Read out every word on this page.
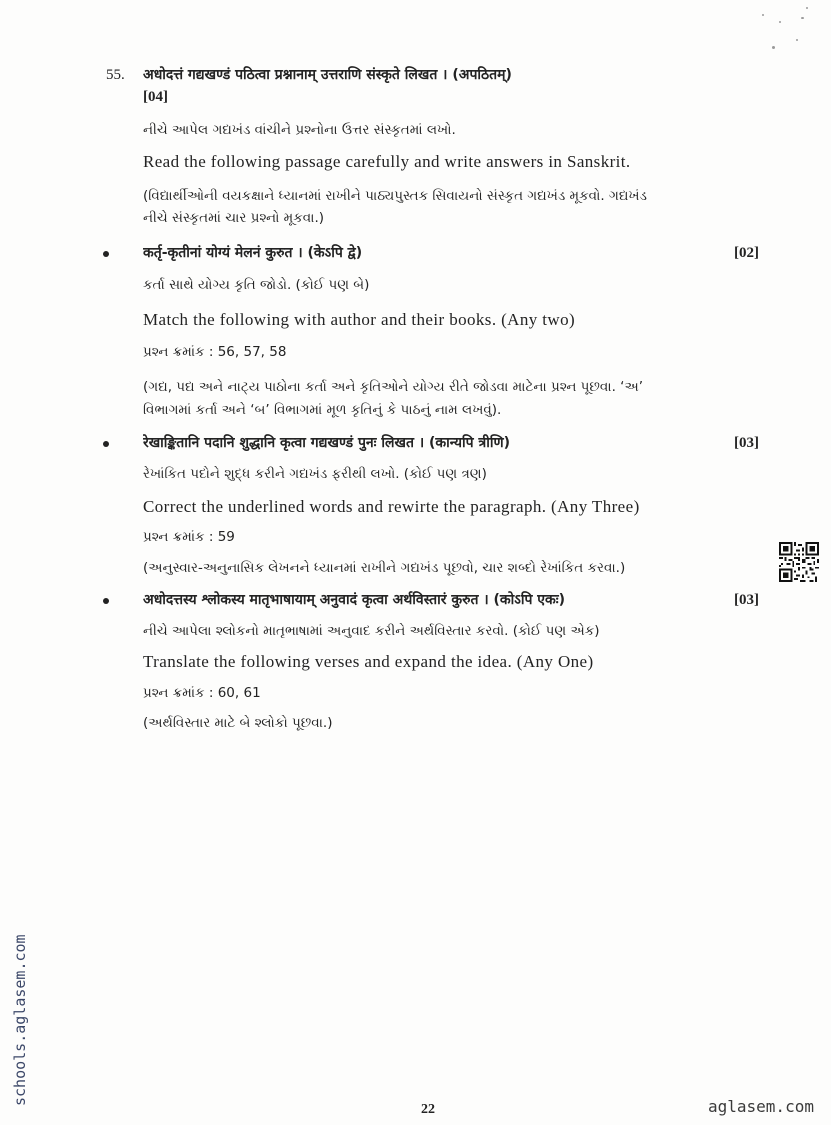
55.	अधोदत्तं गद्यखण्डं पठित्वा प्रश्नानाम् उत्तराणि संस्कृते लिखत । (अपठितम्)
[04]
નીચે આપેલ ગદ્યખંડ વાંચીને પ્રશ્નોના ઉત્તર સંસ્કૃતમાં લખો.
Read the following passage carefully and write answers in Sanskrit.
(વિદ્યાર્થીઓની વયકક્ષાને ધ્યાનમાં રાખીને પાઠ્યપુસ્તક સિવાયનો સંસ્કૃત ગદ્યખંડ મૂકવો. ગદ્યખંડ
નીચે સંસ્કૃતમાં ચાર પ્રશ્નો મૂકવા.)
कर्तृ-कृतीनां योग्यं मेलनं कुरुत । (केऽपि द्वे)	[02]
કર્તા સાથે યોગ્ય કૃતિ જોડો. (કોઈ પણ બે)
Match the following with author and their books. (Any two)
પ્રશ્ન ક્રમાંક : 56, 57, 58
(ગદ્ય, પદ્ય અને નાટ્ય પાઠોના કર્તા અને કૃતિઓને યોગ્ય રીતે જોડવા માટેના પ્રશ્ન પૂછવા. ‘અ’
વિભાગમાં કર્તા અને ‘બ’ વિભાગમાં મૂળ કૃતિનું કે પાઠનું નામ લખવું).
रेखाङ्कितानि पदानि शुद्धानि कृत्वा गद्यखण्डं पुनः लिखत । (कान्यपि त्रीणि)	[03]
રેખાંકિત પદોને શુદ્ધ કરીને ગદ્યખંડ ફરીથી લખો. (કોઈ પણ ત્રણ)
Correct the underlined words and rewirte the paragraph. (Any Three)
પ્રશ્ન ક્રમાંક : 59
(અનુસ્વાર-અનુનાસિક લેખનને ધ્યાનમાં રાખીને ગદ્યખંડ પૂછવો, ચાર શબ્દો રેખાંકિત કરવા.)
अधोदत्तस्य श्लोकस्य मातृभाषायाम् अनुवादं कृत्वा अर्थविस्तारं कुरुत । (कोऽपि एकः)	[03]
નીચે આપેલા શ્લોકનો માતૃભાષામાં અનુવાદ કરીને અર્થવિસ્તાર કરવો. (કોઈ પણ એક)
Translate the following verses and expand the idea. (Any One)
પ્રશ્ન ક્રમાંક : 60, 61
(અર્થવિસ્તાર માટે બે શ્લોકો પૂછવા.)
schools.aglasem.com
22	aglasem.com
